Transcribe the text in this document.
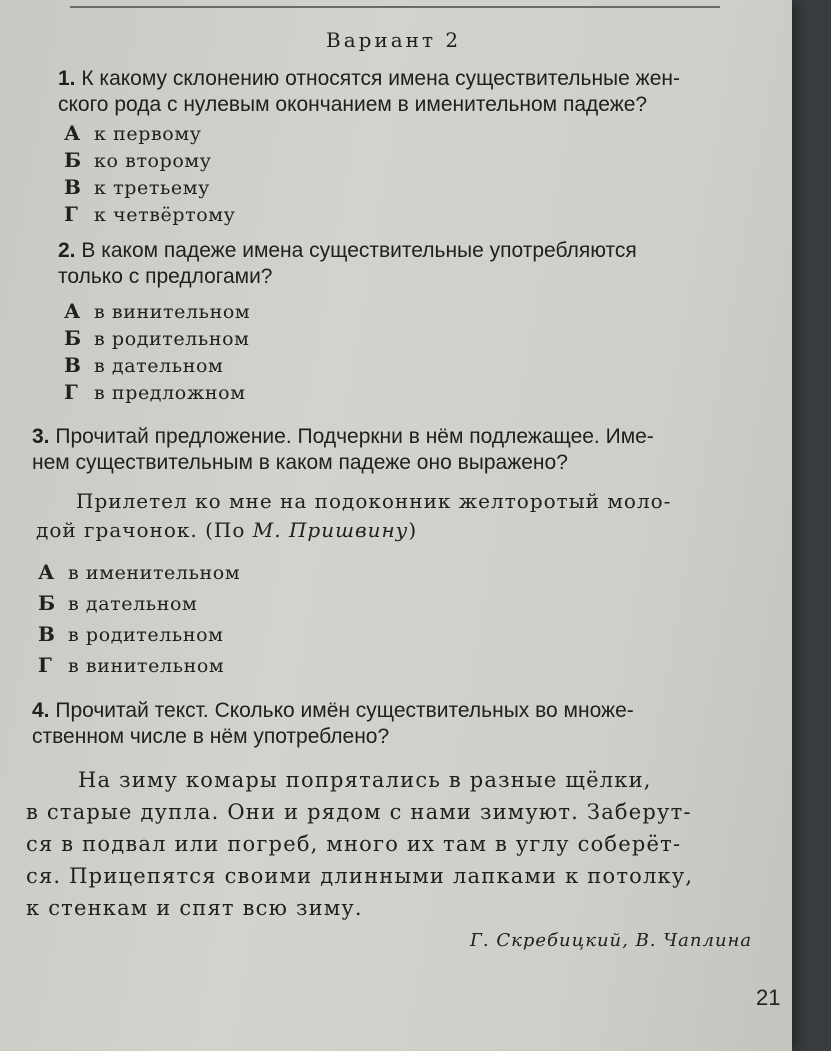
Вариант 2
1. К какому склонению относятся имена существительные жен-
ского рода с нулевым окончанием в именительном падеже?
А к первому
Б ко второму
В к третьему
Г к четвёртому
2. В каком падеже имена существительные употребляются
только с предлогами?
А в винительном
Б в родительном
В в дательном
Г в предложном
3. Прочитай предложение. Подчеркни в нём подлежащее. Име-
нем существительным в каком падеже оно выражено?
Прилетел ко мне на подоконник желторотый моло-
дой грачонок. (По М. Пришвину)
А в именительном
Б в дательном
В в родительном
Г в винительном
4. Прочитай текст. Сколько имён существительных во множе-
ственном числе в нём употреблено?
На зиму комары попрятались в разные щёлки,
в старые дупла. Они и рядом с нами зимуют. Заберут-
ся в подвал или погреб, много их там в углу соберёт-
ся. Прицепятся своими длинными лапками к потолку,
к стенкам и спят всю зиму.
Г. Скребицкий, В. Чаплина
21
